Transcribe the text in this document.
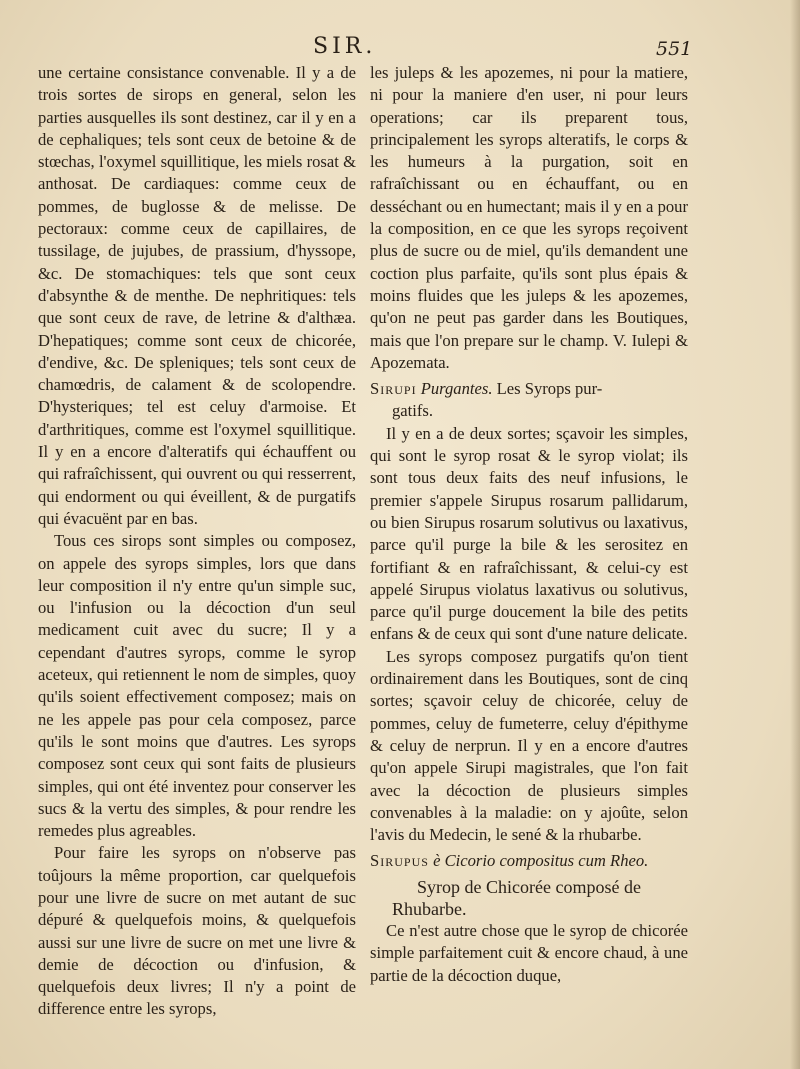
SIR.	551

une certaine consistance convenable. Il y a de trois sortes de sirops en general, selon les parties ausquelles ils sont destinez, car il y en a de cephaliques; tels sont ceux de betoine & de stœchas, l'oxymel squillitique, les miels rosat & anthosat. De cardiaques: comme ceux de pommes, de buglosse & de melisse. De pectoraux: comme ceux de capillaires, de tussilage, de jujubes, de prassium, d'hyssope, &c. De stomachiques: tels que sont ceux d'absynthe & de menthe. De nephritiques: tels que sont ceux de rave, de letrine & d'althæa. D'hepatiques; comme sont ceux de chicorée, d'endive, &c. De spleniques; tels sont ceux de chamœdris, de calament & de scolopendre. D'hysteriques; tel est celuy d'armoise. Et d'arthritiques, comme est l'oxymel squillitique. Il y en a encore d'alteratifs qui échauffent ou qui rafraîchissent, qui ouvrent ou qui resserrent, qui endorment ou qui éveillent, & de purgatifs qui évacuënt par en bas.

Tous ces sirops sont simples ou composez, on appele des syrops simples, lors que dans leur composition il n'y entre qu'un simple suc, ou l'infusion ou la décoction d'un seul medicament cuit avec du sucre; Il y a cependant d'autres syrops, comme le syrop aceteux, qui retiennent le nom de simples, quoy qu'ils soient effectivement composez; mais on ne les appele pas pour cela composez, parce qu'ils le sont moins que d'autres. Les syrops composez sont ceux qui sont faits de plusieurs simples, qui ont été inventez pour conserver les sucs & la vertu des simples, & pour rendre les remedes plus agreables.

Pour faire les syrops on n'observe pas toûjours la même proportion, car quelquefois pour une livre de sucre on met autant de suc dépuré & quelquefois moins, & quelquefois aussi sur une livre de sucre on met une livre & demie de décoction ou d'infusion, & quelquefois deux livres; Il n'y a point de difference entre les syrops,

les juleps & les apozemes, ni pour la matiere, ni pour la maniere d'en user, ni pour leurs operations; car ils preparent tous, principalement les syrops alteratifs, le corps & les humeurs à la purgation, soit en rafraîchissant ou en échauffant, ou en desséchant ou en humectant; mais il y en a pour la composition, en ce que les syrops reçoivent plus de sucre ou de miel, qu'ils demandent une coction plus parfaite, qu'ils sont plus épais & moins fluides que les juleps & les apozemes, qu'on ne peut pas garder dans les Boutiques, mais que l'on prepare sur le champ. V. Iulepi & Apozemata.

Sirupi Purgantes. Les Syrops pur-
gatifs.

Il y en a de deux sortes; sçavoir les simples, qui sont le syrop rosat & le syrop violat; ils sont tous deux faits des neuf infusions, le premier s'appele Sirupus rosarum pallidarum, ou bien Sirupus rosarum solutivus ou laxativus, parce qu'il purge la bile & les serositez en fortifiant & en rafraîchissant, & celui-cy est appelé Sirupus violatus laxativus ou solutivus, parce qu'il purge doucement la bile des petits enfans & de ceux qui sont d'une nature delicate.

Les syrops composez purgatifs qu'on tient ordinairement dans les Boutiques, sont de cinq sortes; sçavoir celuy de chicorée, celuy de pommes, celuy de fumeterre, celuy d'épithyme & celuy de nerprun. Il y en a encore d'autres qu'on appele Sirupi magistrales, que l'on fait avec la décoction de plusieurs simples convenables à la maladie: on y ajoûte, selon l'avis du Medecin, le sené & la rhubarbe.

Sirupus è Cicorio compositus cum Rheo.
Syrop de Chicorée composé de
Rhubarbe.

Ce n'est autre chose que le syrop de chicorée simple parfaitement cuit & encore chaud, à une partie de la décoction duque,
